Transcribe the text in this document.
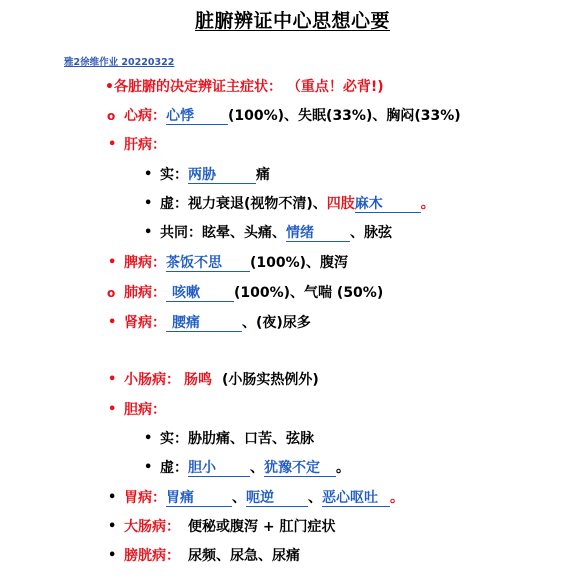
脏腑辨证中心思想心要
雅2徐维作业 20220322
•各脏腑的决定辨证主症状： （重点！必背!)
o 心病：心悸 (100%)、失眠(33%)、胸闷(33%)
• 肝病：
• 实：两胁	痛
• 虚：视力衰退(视物不清)、四肢麻木	。
• 共同：眩晕、头痛、情绪	、脉弦
• 脾病：茶饭不思 (100%)、腹泻
o 肺病： 咳嗽 (100%)、气喘 (50%)
• 肾病： 腰痛	、(夜)尿多
• 小肠病： 肠鸣 (小肠实热例外)
• 胆病：
• 实：胁肋痛、口苦、弦脉
• 虚：胆小 、犹豫不定 。
• 胃病：胃痛	、呃逆 、恶心呕吐 。
• 大肠病： 便秘或腹泻 + 肛门症状
• 膀胱病： 尿频、尿急、尿痛
